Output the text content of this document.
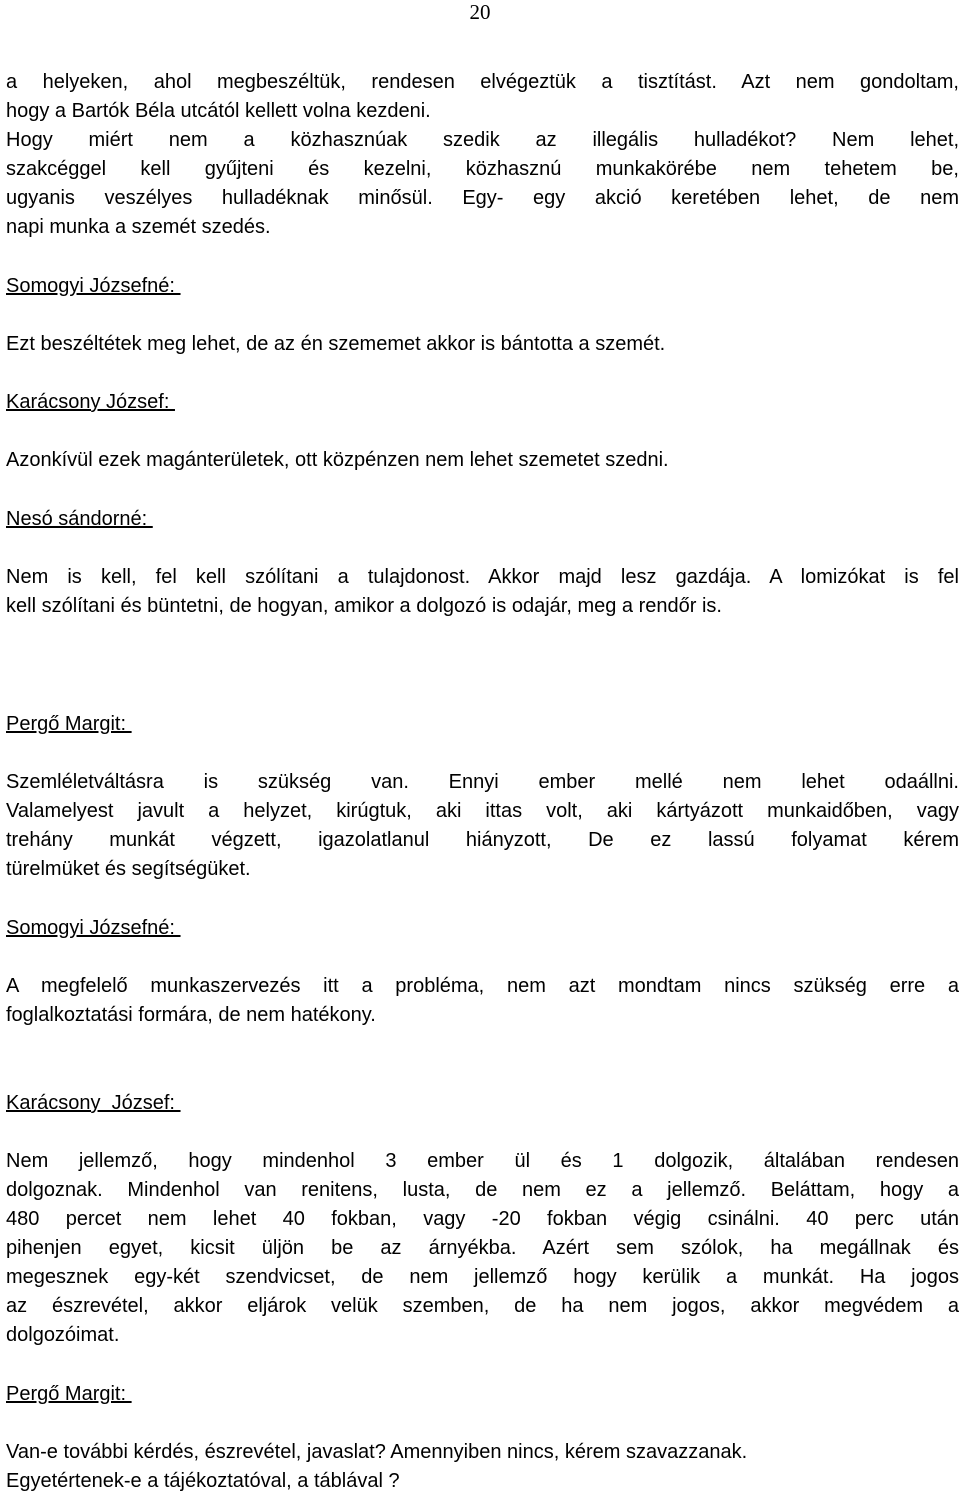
20

a helyeken, ahol megbeszéltük, rendesen elvégeztük a tisztítást. Azt nem gondoltam,

hogy a Bartók Béla utcától kellett volna kezdeni.

Hogy miért nem a közhasznúak szedik az illegális hulladékot? Nem lehet,

szakcéggel kell gyűjteni és kezelni, közhasznú munkakörébe nem tehetem be,

ugyanis veszélyes hulladéknak minősül. Egy- egy akció keretében lehet, de nem

napi munka a szemét szedés.

Somogyi Józsefné:

Ezt beszéltétek meg lehet, de az én szememet akkor is bántotta a szemét.

Karácsony József:

Azonkívül ezek magánterületek, ott közpénzen nem lehet szemetet szedni.

Nesó sándorné:

Nem is kell, fel kell szólítani a tulajdonost. Akkor majd lesz gazdája. A lomizókat is fel

kell szólítani és büntetni, de hogyan, amikor a dolgozó is odajár, meg a rendőr is.

Pergő Margit:

Szemléletváltásra is szükség van. Ennyi ember mellé nem lehet odaállni.

Valamelyest javult a helyzet, kirúgtuk, aki ittas volt, aki kártyázott munkaidőben, vagy

trehány munkát végzett, igazolatlanul hiányzott, De ez lassú folyamat kérem

türelmüket és segítségüket.

Somogyi Józsefné:

A megfelelő munkaszervezés itt a probléma, nem azt mondtam nincs szükség erre a

foglalkoztatási formára, de nem hatékony.

Karácsony  József:

Nem jellemző, hogy mindenhol 3 ember ül és 1 dolgozik, általában rendesen

dolgoznak. Mindenhol van renitens, lusta, de nem ez a jellemző. Beláttam, hogy a

480 percet nem lehet 40 fokban, vagy -20 fokban végig csinálni. 40 perc után

pihenjen egyet, kicsit üljön be az árnyékba. Azért sem szólok, ha megállnak és

megesznek egy-két szendvicset, de nem jellemző hogy kerülik a munkát. Ha jogos

az észrevétel, akkor eljárok velük szemben, de ha nem jogos, akkor megvédem a

dolgozóimat.

Pergő Margit:

Van-e további kérdés, észrevétel, javaslat? Amennyiben nincs, kérem szavazzanak.

Egyetértenek-e a tájékoztatóval, a táblával ?
